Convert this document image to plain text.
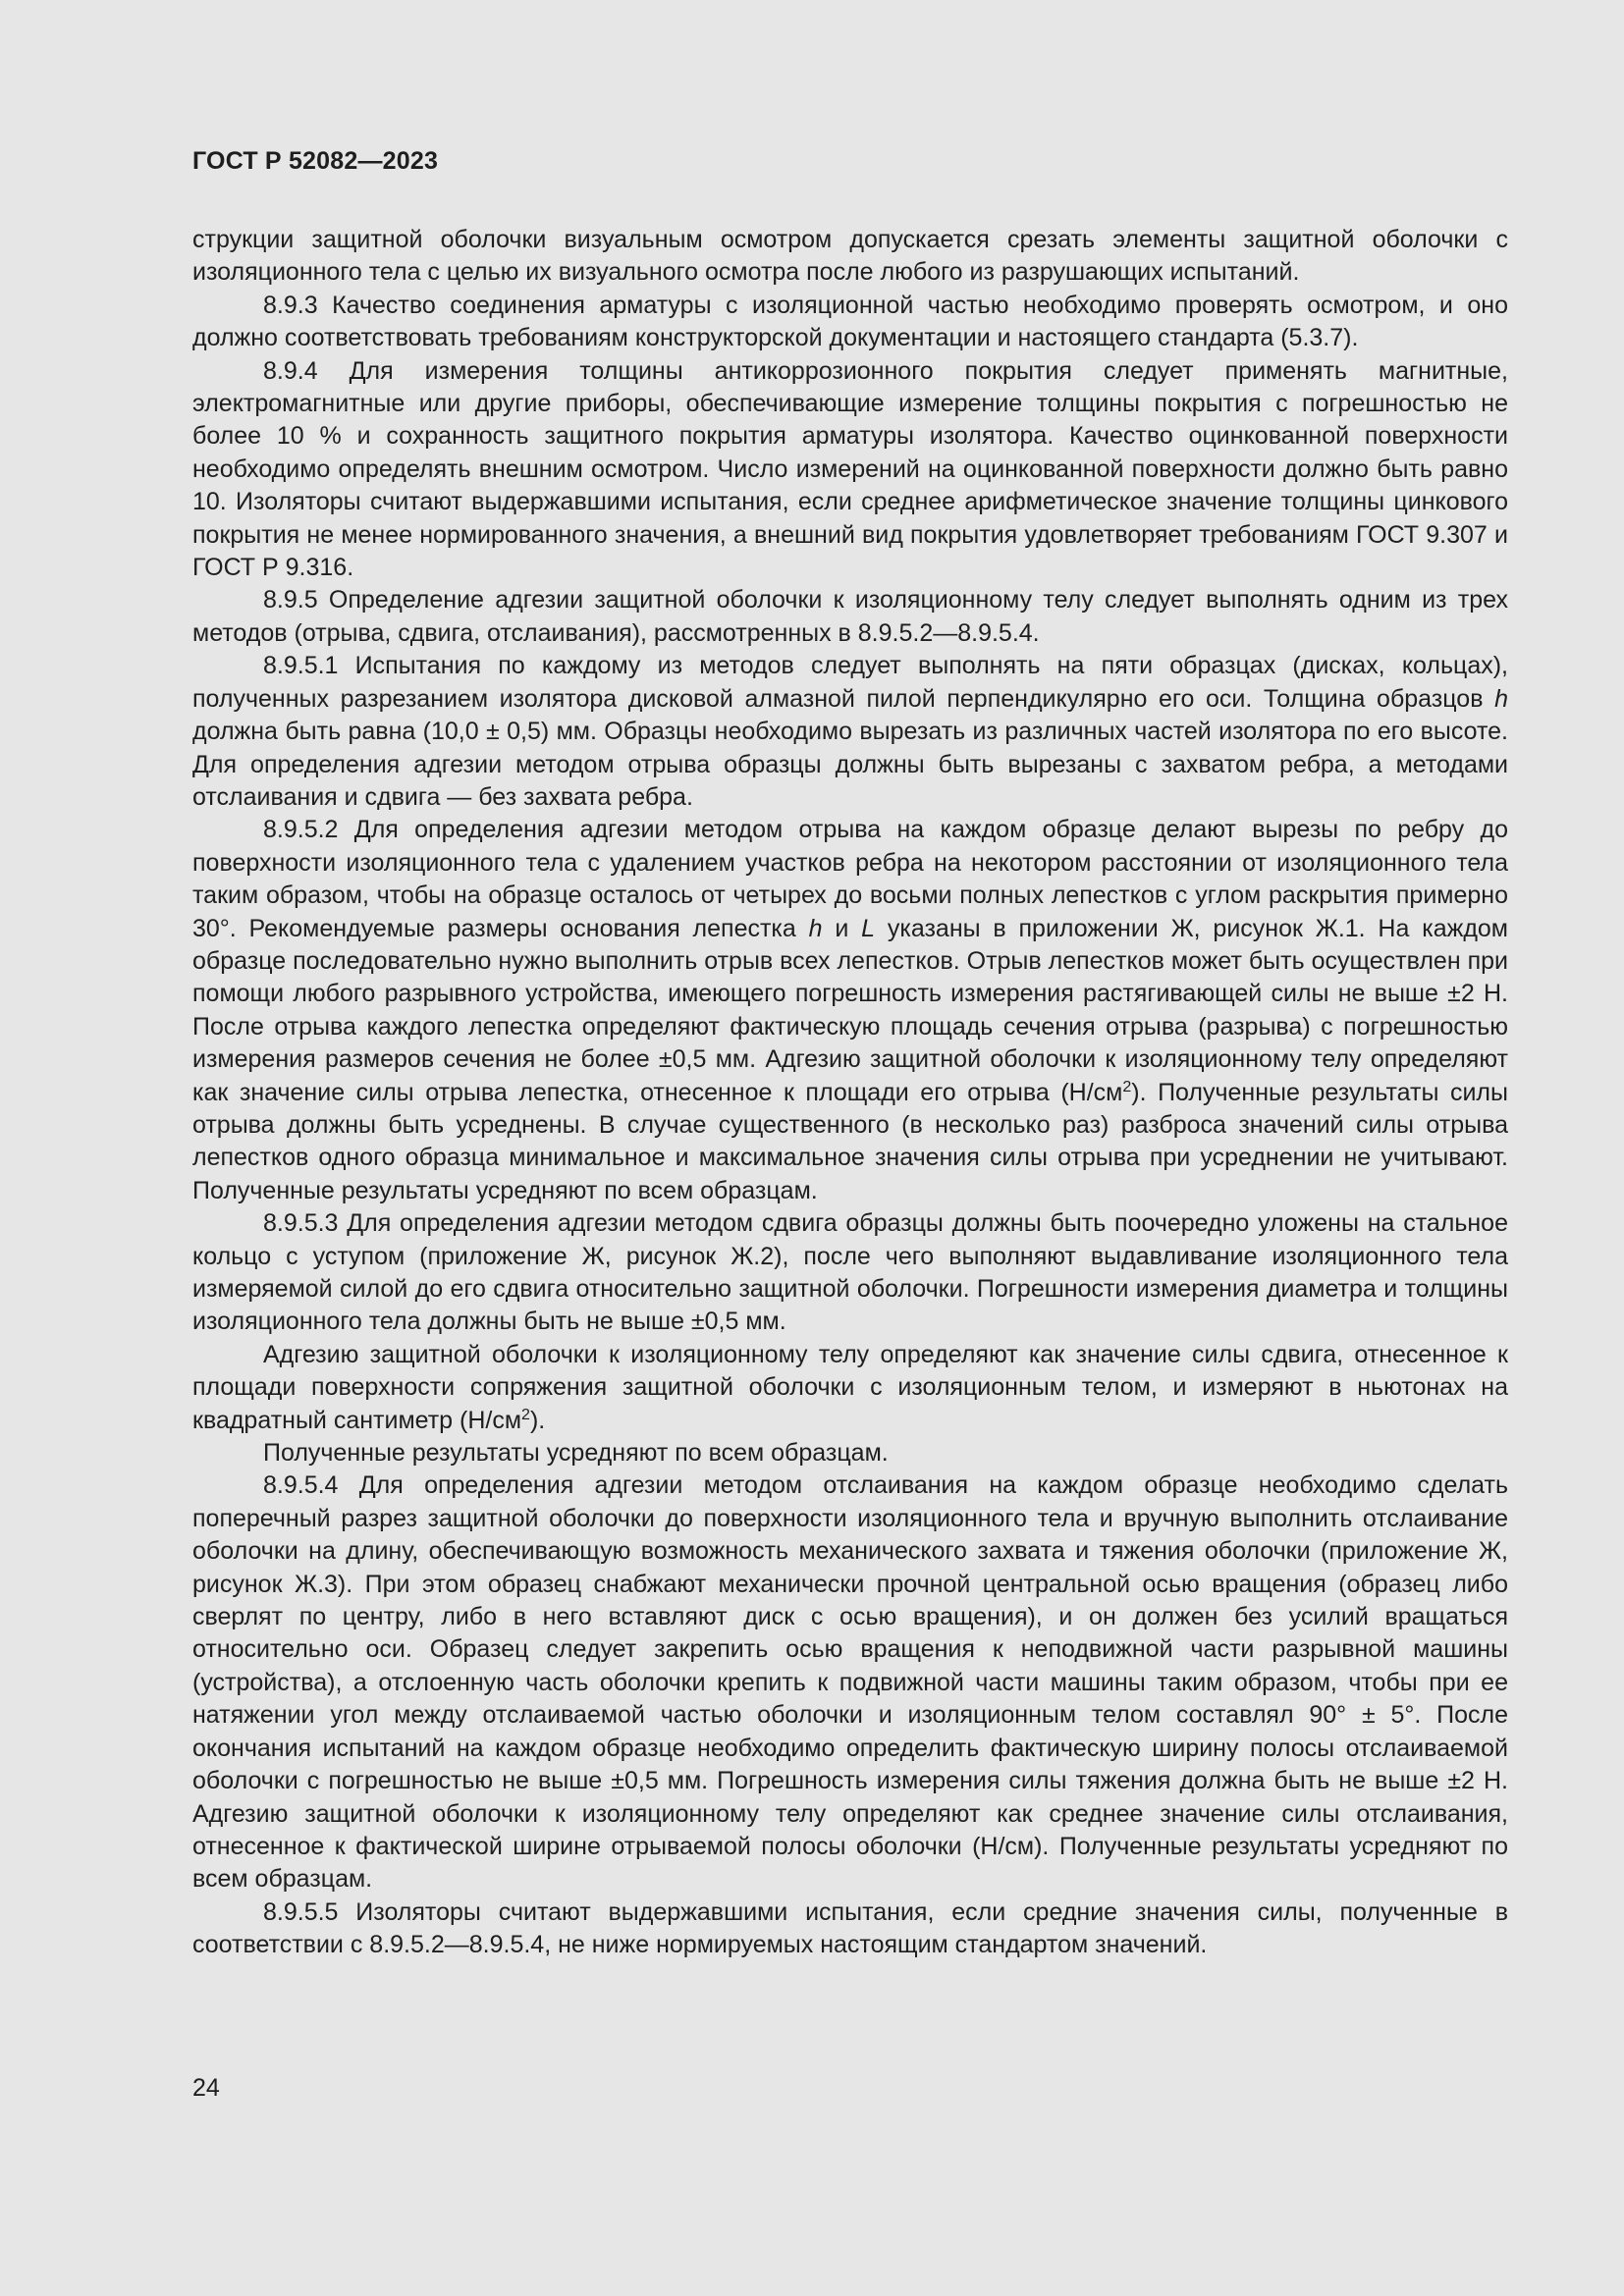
ГОСТ Р 52082—2023

струкции защитной оболочки визуальным осмотром допускается срезать элементы защитной оболочки с изоляционного тела с целью их визуального осмотра после любого из разрушающих испытаний.

8.9.3 Качество соединения арматуры с изоляционной частью необходимо проверять осмотром, и оно должно соответствовать требованиям конструкторской документации и настоящего стандарта (5.3.7).

8.9.4 Для измерения толщины антикоррозионного покрытия следует применять магнитные, электромагнитные или другие приборы, обеспечивающие измерение толщины покрытия с погрешностью не более 10 % и сохранность защитного покрытия арматуры изолятора. Качество оцинкованной поверхности необходимо определять внешним осмотром. Число измерений на оцинкованной поверхности должно быть равно 10. Изоляторы считают выдержавшими испытания, если среднее арифметическое значение толщины цинкового покрытия не менее нормированного значения, а внешний вид покрытия удовлетворяет требованиям ГОСТ 9.307 и ГОСТ Р 9.316.

8.9.5 Определение адгезии защитной оболочки к изоляционному телу следует выполнять одним из трех методов (отрыва, сдвига, отслаивания), рассмотренных в 8.9.5.2—8.9.5.4.

8.9.5.1 Испытания по каждому из методов следует выполнять на пяти образцах (дисках, кольцах), полученных разрезанием изолятора дисковой алмазной пилой перпендикулярно его оси. Толщина образцов h должна быть равна (10,0 ± 0,5) мм. Образцы необходимо вырезать из различных частей изолятора по его высоте. Для определения адгезии методом отрыва образцы должны быть вырезаны с захватом ребра, а методами отслаивания и сдвига — без захвата ребра.

8.9.5.2 Для определения адгезии методом отрыва на каждом образце делают вырезы по ребру до поверхности изоляционного тела с удалением участков ребра на некотором расстоянии от изоляционного тела таким образом, чтобы на образце осталось от четырех до восьми полных лепестков с углом раскрытия примерно 30°. Рекомендуемые размеры основания лепестка h и L указаны в приложении Ж, рисунок Ж.1. На каждом образце последовательно нужно выполнить отрыв всех лепестков. Отрыв лепестков может быть осуществлен при помощи любого разрывного устройства, имеющего погрешность измерения растягивающей силы не выше ±2 Н. После отрыва каждого лепестка определяют фактическую площадь сечения отрыва (разрыва) с погрешностью измерения размеров сечения не более ±0,5 мм. Адгезию защитной оболочки к изоляционному телу определяют как значение силы отрыва лепестка, отнесенное к площади его отрыва $(Н/см^2)$. Полученные результаты силы отрыва должны быть усреднены. В случае существенного (в несколько раз) разброса значений силы отрыва лепестков одного образца минимальное и максимальное значения силы отрыва при усреднении не учитывают. Полученные результаты усредняют по всем образцам.

8.9.5.3 Для определения адгезии методом сдвига образцы должны быть поочередно уложены на стальное кольцо с уступом (приложение Ж, рисунок Ж.2), после чего выполняют выдавливание изоляционного тела измеряемой силой до его сдвига относительно защитной оболочки. Погрешности измерения диаметра и толщины изоляционного тела должны быть не выше ±0,5 мм.

Адгезию защитной оболочки к изоляционному телу определяют как значение силы сдвига, отнесенное к площади поверхности сопряжения защитной оболочки с изоляционным телом, и измеряют в ньютонах на квадратный сантиметр $(Н/см^2)$.

Полученные результаты усредняют по всем образцам.

8.9.5.4 Для определения адгезии методом отслаивания на каждом образце необходимо сделать поперечный разрез защитной оболочки до поверхности изоляционного тела и вручную выполнить отслаивание оболочки на длину, обеспечивающую возможность механического захвата и тяжения оболочки (приложение Ж, рисунок Ж.3). При этом образец снабжают механически прочной центральной осью вращения (образец либо сверлят по центру, либо в него вставляют диск с осью вращения), и он должен без усилий вращаться относительно оси. Образец следует закрепить осью вращения к неподвижной части разрывной машины (устройства), а отслоенную часть оболочки крепить к подвижной части машины таким образом, чтобы при ее натяжении угол между отслаиваемой частью оболочки и изоляционным телом составлял 90° ± 5°. После окончания испытаний на каждом образце необходимо определить фактическую ширину полосы отслаиваемой оболочки с погрешностью не выше ±0,5 мм. Погрешность измерения силы тяжения должна быть не выше ±2 Н. Адгезию защитной оболочки к изоляционному телу определяют как среднее значение силы отслаивания, отнесенное к фактической ширине отрываемой полосы оболочки (Н/см). Полученные результаты усредняют по всем образцам.

8.9.5.5 Изоляторы считают выдержавшими испытания, если средние значения силы, полученные в соответствии с 8.9.5.2—8.9.5.4, не ниже нормируемых настоящим стандартом значений.

24
